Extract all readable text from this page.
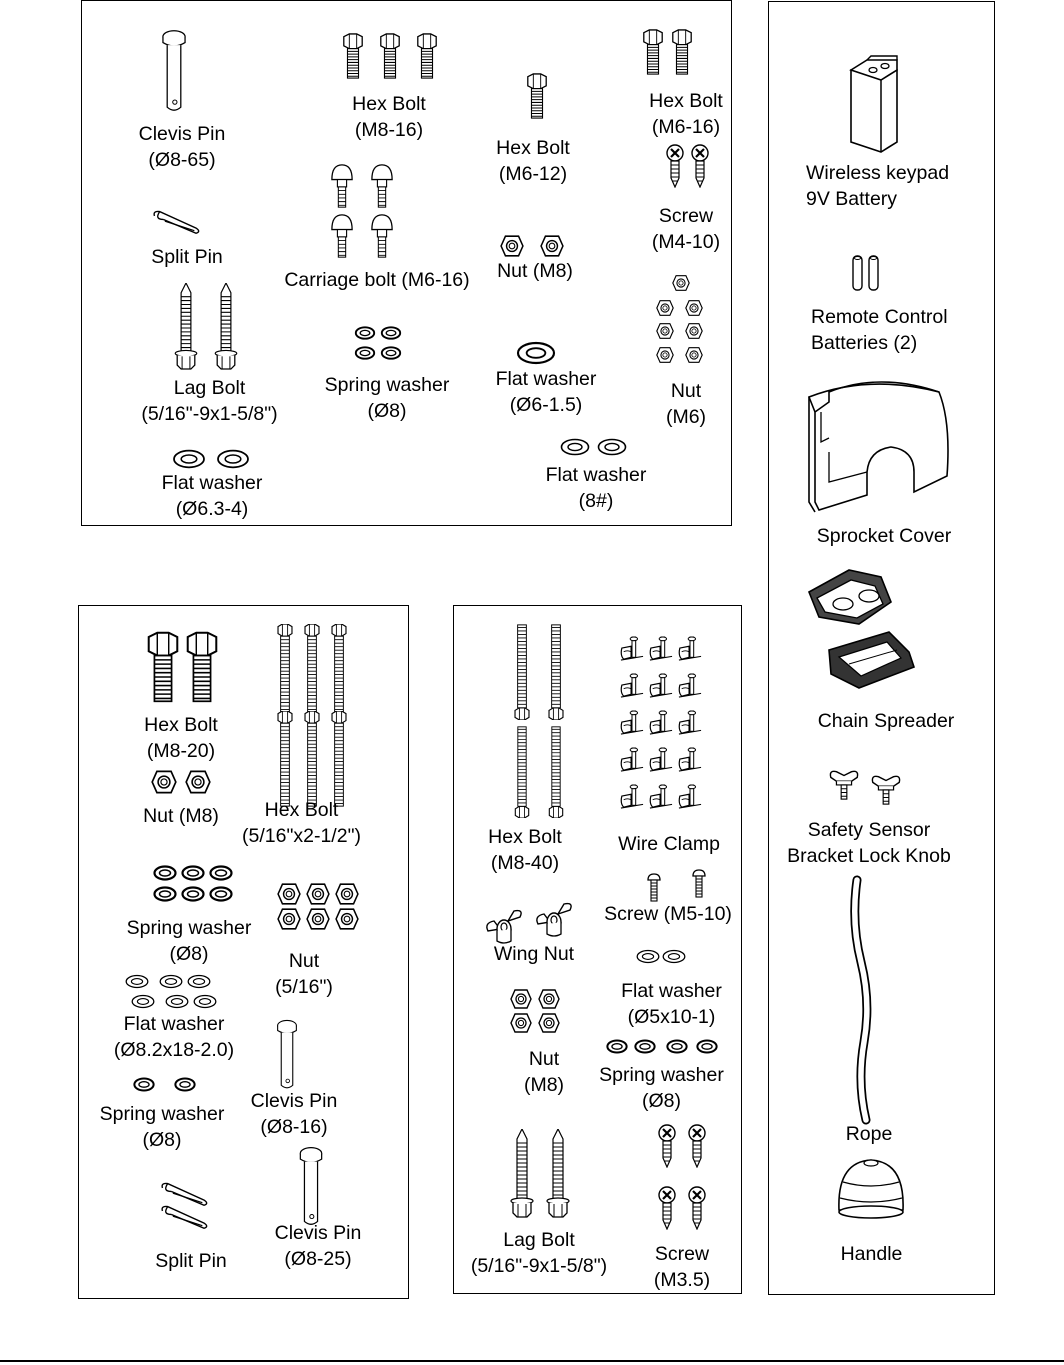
Clevis Pin
(Ø8-65)
Split Pin
Lag Bolt
(5/16"-9x1-5/8")
Flat washer
(Ø6.3-4)
Hex Bolt
(M8-16)
Carriage bolt (M6-16)
Spring washer
(Ø8)
Hex Bolt
(M6-12)
Nut (M8)
Flat washer
(Ø6-1.5)
Flat washer
(8#)
Hex Bolt
(M6-16)
Screw
(M4-10)
Nut
(M6)
Hex Bolt
(M8-20)
Nut (M8)	Hex Bolt
(5/16"x2-1/2")
Spring washer
(Ø8)	Nut
(5/16")
Flat washer
(Ø8.2x18-2.0)
Spring washer
(Ø8)
Clevis Pin
(Ø8-16)
Split Pin
Clevis Pin
(Ø8-25)
Hex Bolt
(M8-40)
Wire Clamp
Screw (M5-10)
Wing Nut
Flat washer
(Ø5x10-1)
Nut
(M8)	Spring washer
(Ø8)
Lag Bolt
(5/16"-9x1-5/8")
Screw
(M3.5)
Wireless keypad
9V Battery
Remote Control
Batteries (2)
Sprocket Cover
Chain Spreader
Safety Sensor
Bracket Lock Knob
Rope
Handle
